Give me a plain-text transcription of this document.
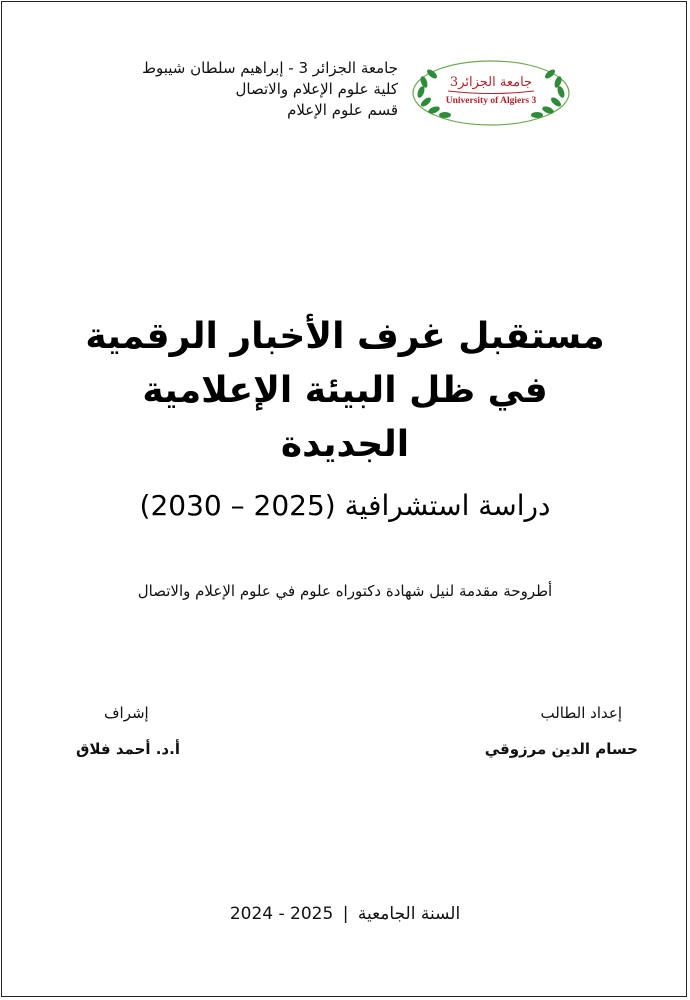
جامعة الجزائر 3 - إبراهيم سلطان شيبوط
كلية علوم الإعلام والاتصال
قسم علوم الإعلام
جامعة الجزائر3
University of Algiers 3
مستقبل غرف الأخبار الرقمية
في ظل البيئة الإعلامية
الجديدة
دراسة استشرافية (2025 – 2030)
أطروحة مقدمة لنيل شهادة دكتوراه علوم في علوم الإعلام والاتصال
إعداد الطالب
حسام الدين مرزوقي
إشراف
أ.د. أحمد فلاق
السنة الجامعية | 2024 - 2025
